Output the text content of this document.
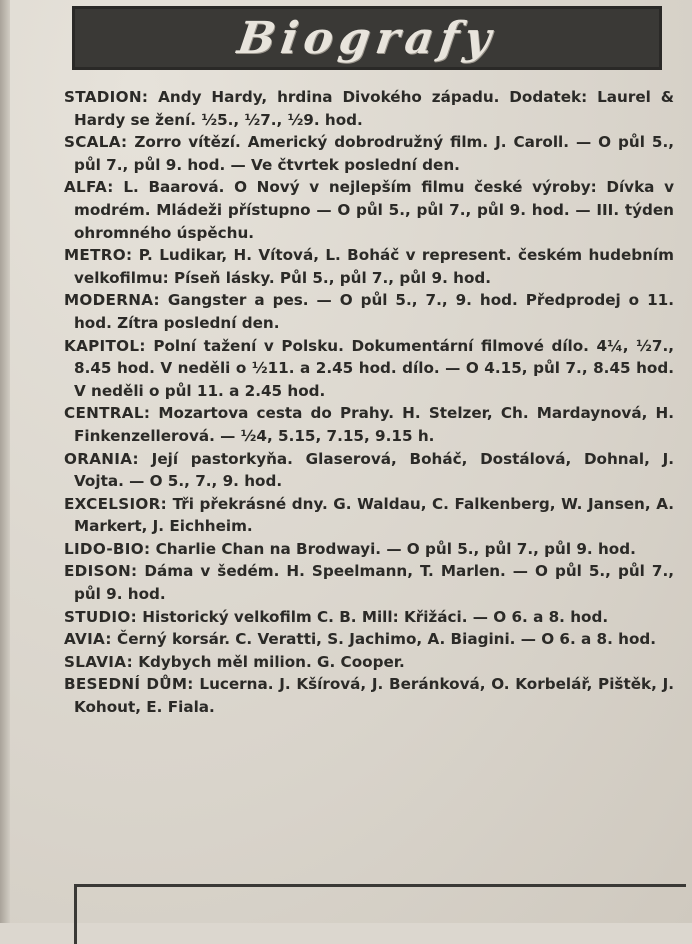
Biografy

STADION: Andy Hardy, hrdina Divokého západu. Dodatek: Laurel & Hardy se žení. ½5., ½7., ½9. hod.

SCALA: Zorro vítězí. Americký dobrodružný film. J. Caroll. — O půl 5., půl 7., půl 9. hod. — Ve čtvrtek poslední den.

ALFA: L. Baarová. O Nový v nejlepším filmu české výroby: Dívka v modrém. Mládeži přístupno — O půl 5., půl 7., půl 9. hod. — III. týden ohromného úspěchu.

METRO: P. Ludikar, H. Vítová, L. Boháč v represent. českém hudebním velkofilmu: Píseň lásky. Půl 5., půl 7., půl 9. hod.

MODERNA: Gangster a pes. — O půl 5., 7., 9. hod. Předprodej o 11. hod. Zítra poslední den.

KAPITOL: Polní tažení v Polsku. Dokumentární filmové dílo. 4¼, ½7., 8.45 hod. V neděli o ½11. a 2.45 hod. dílo. — O 4.15, půl 7., 8.45 hod. V neděli o půl 11. a 2.45 hod.

CENTRAL: Mozartova cesta do Prahy. H. Stelzer, Ch. Mardaynová, H. Finkenzellerová. — ½4, 5.15, 7.15, 9.15 h.

ORANIA: Její pastorkyňa. Glaserová, Boháč, Dostálová, Dohnal, J. Vojta. — O 5., 7., 9. hod.

EXCELSIOR: Tři překrásné dny. G. Waldau, C. Falkenberg, W. Jansen, A. Markert, J. Eichheim.

LIDO-BIO: Charlie Chan na Brodwayi. — O půl 5., půl 7., půl 9. hod.

EDISON: Dáma v šedém. H. Speelmann, T. Marlen. — O půl 5., půl 7., půl 9. hod.

STUDIO: Historický velkofilm C. B. Mill: Křižáci. — O 6. a 8. hod.

AVIA: Černý korsár. C. Veratti, S. Jachimo, A. Biagini. — O 6. a 8. hod.

SLAVIA: Kdybych měl milion. G. Cooper.

BESEDNÍ DŮM: Lucerna. J. Kšírová, J. Beránková, O. Korbelář, Pištěk, J. Kohout, E. Fiala.
